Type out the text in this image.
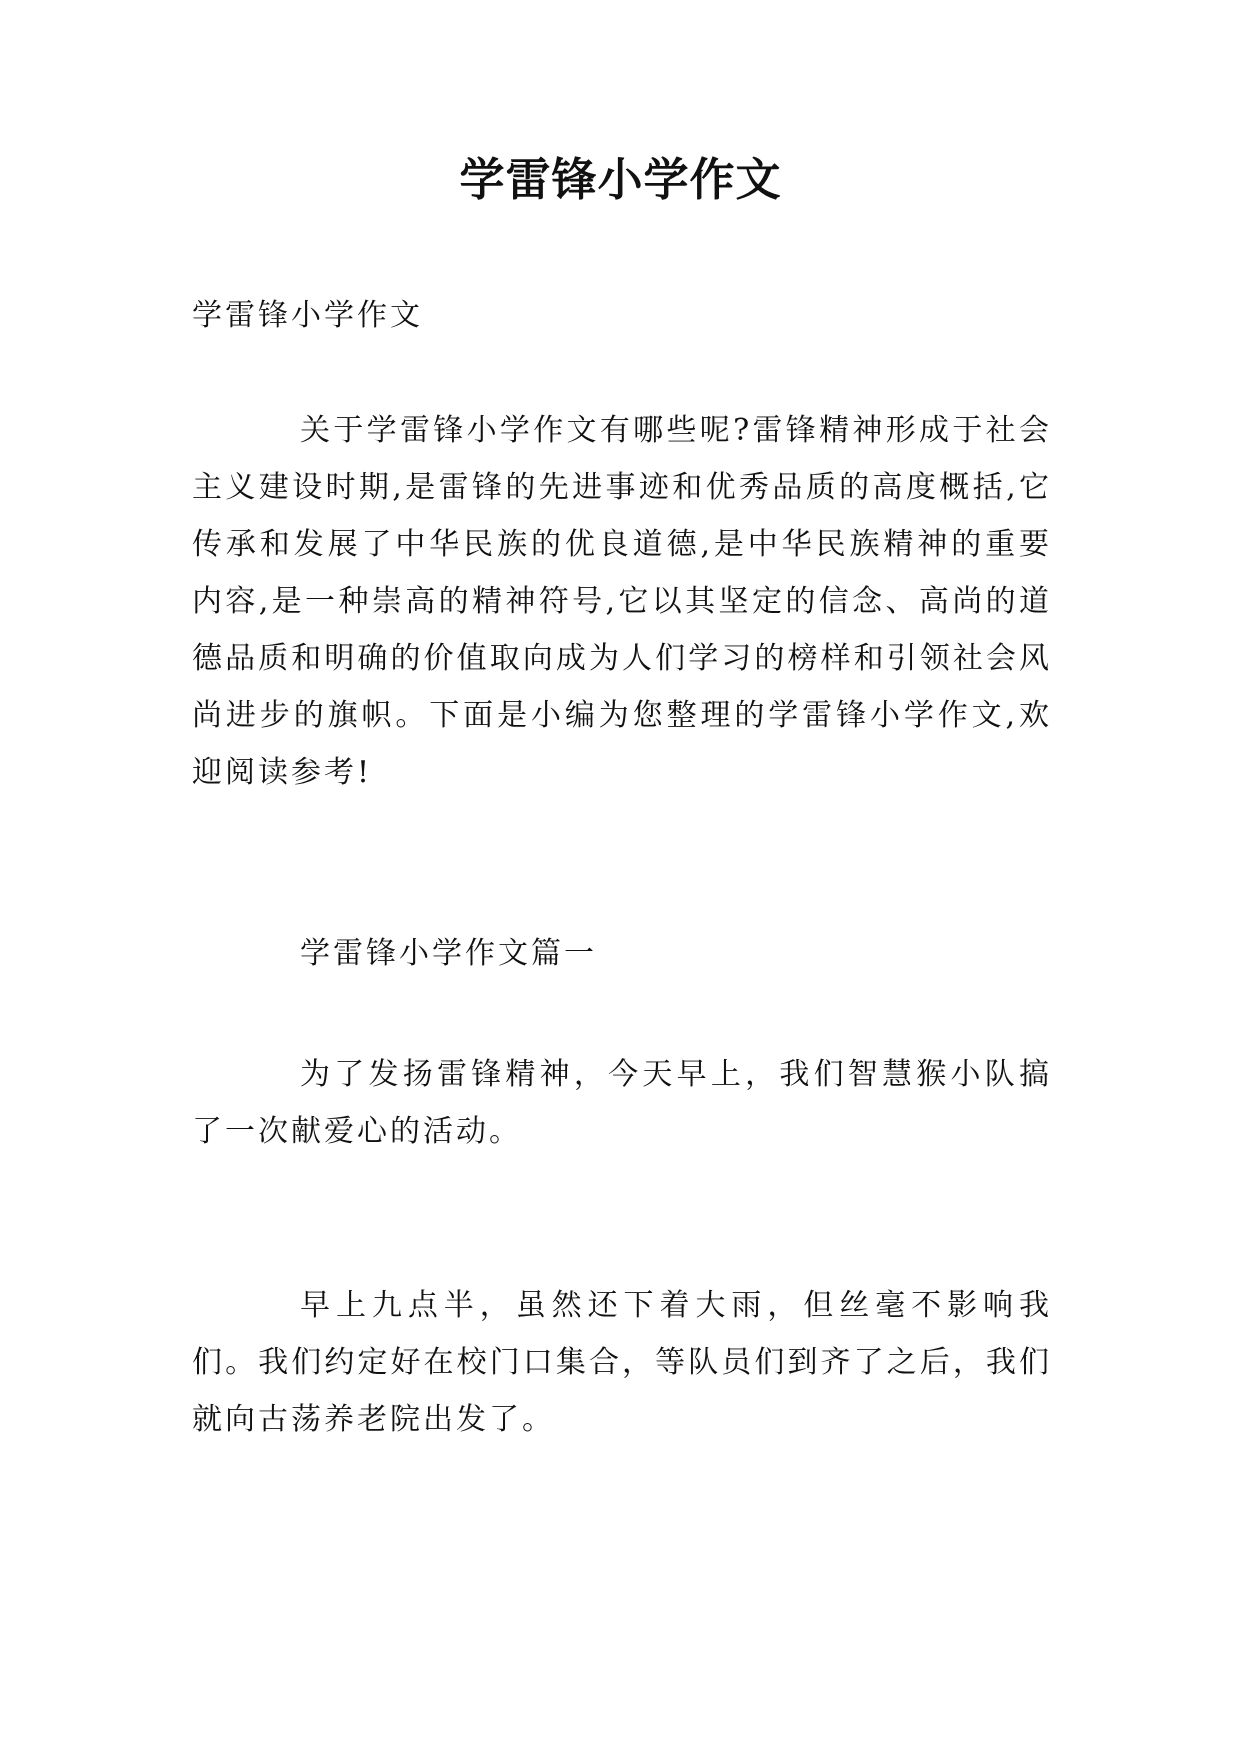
学雷锋小学作文

学雷锋小学作文

关于学雷锋小学作文有哪些呢?雷锋精神形成于社会主义建设时期,是雷锋的先进事迹和优秀品质的高度概括,它传承和发展了中华民族的优良道德,是中华民族精神的重要内容,是一种崇高的精神符号,它以其坚定的信念、高尚的道德品质和明确的价值取向成为人们学习的榜样和引领社会风尚进步的旗帜。下面是小编为您整理的学雷锋小学作文,欢迎阅读参考!

学雷锋小学作文篇一

为了发扬雷锋精神，今天早上，我们智慧猴小队搞了一次献爱心的活动。

早上九点半，虽然还下着大雨，但丝毫不影响我们。我们约定好在校门口集合，等队员们到齐了之后，我们就向古荡养老院出发了。
